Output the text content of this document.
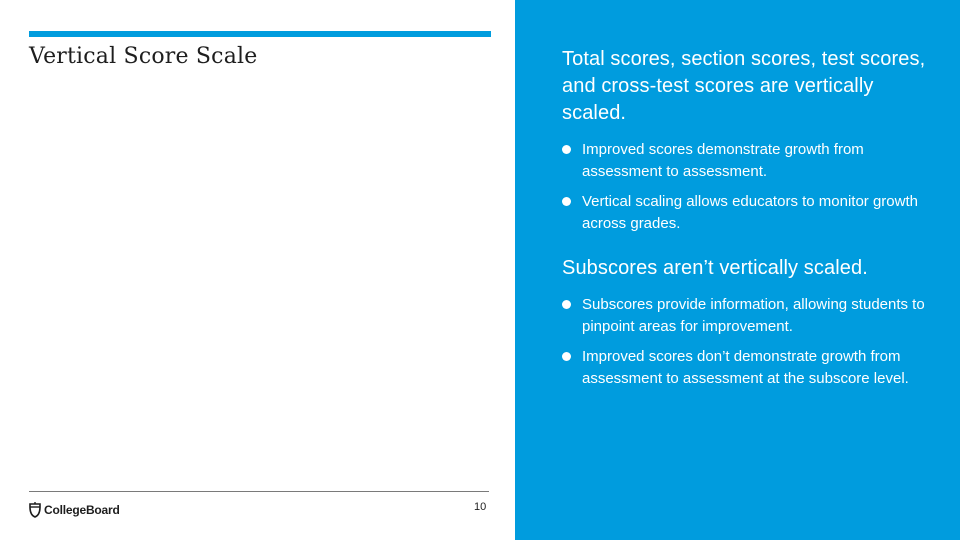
Vertical Score Scale
CollegeBoard	10

Total scores, section scores, test scores, and cross-test scores are vertically scaled.

Improved scores demonstrate growth from assessment to assessment.
Vertical scaling allows educators to monitor growth across grades.

Subscores aren’t vertically scaled.

Subscores provide information, allowing students to pinpoint areas for improvement.
Improved scores don’t demonstrate growth from assessment to assessment at the subscore level.
